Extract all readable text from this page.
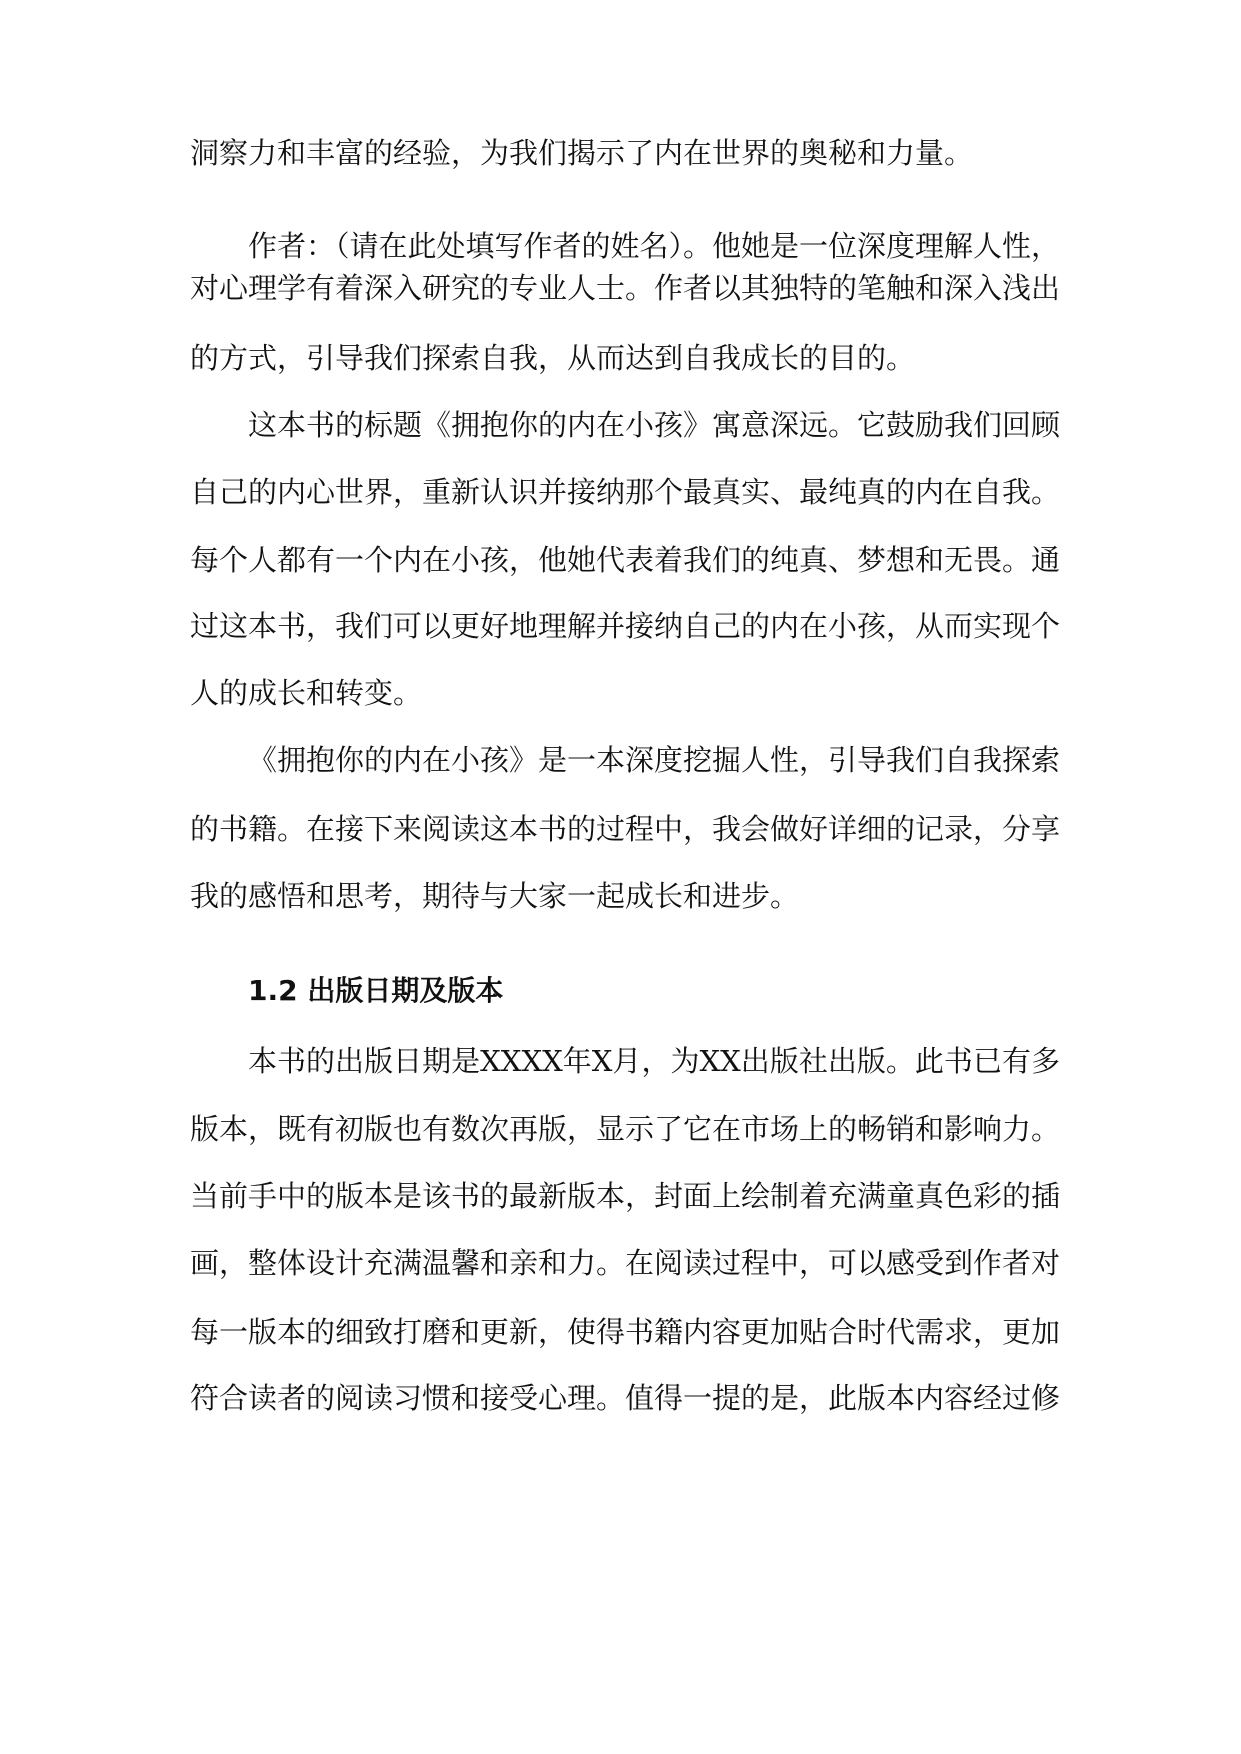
洞察力和丰富的经验，为我们揭示了内在世界的奥秘和力量。
作者：（请在此处填写作者的姓名）。他她是一位深度理解人性，
对心理学有着深入研究的专业人士。作者以其独特的笔触和深入浅出
的方式，引导我们探索自我，从而达到自我成长的目的。
这本书的标题《拥抱你的内在小孩》寓意深远。它鼓励我们回顾
自己的内心世界，重新认识并接纳那个最真实、最纯真的内在自我。
每个人都有一个内在小孩，他她代表着我们的纯真、梦想和无畏。通
过这本书，我们可以更好地理解并接纳自己的内在小孩，从而实现个
人的成长和转变。
《拥抱你的内在小孩》是一本深度挖掘人性，引导我们自我探索
的书籍。在接下来阅读这本书的过程中，我会做好详细的记录，分享
我的感悟和思考，期待与大家一起成长和进步。
1.2 出版日期及版本
本书的出版日期是XXXX年X月，为XX出版社出版。此书已有多
版本，既有初版也有数次再版，显示了它在市场上的畅销和影响力。
当前手中的版本是该书的最新版本，封面上绘制着充满童真色彩的插
画，整体设计充满温馨和亲和力。在阅读过程中，可以感受到作者对
每一版本的细致打磨和更新，使得书籍内容更加贴合时代需求，更加
符合读者的阅读习惯和接受心理。值得一提的是，此版本内容经过修
